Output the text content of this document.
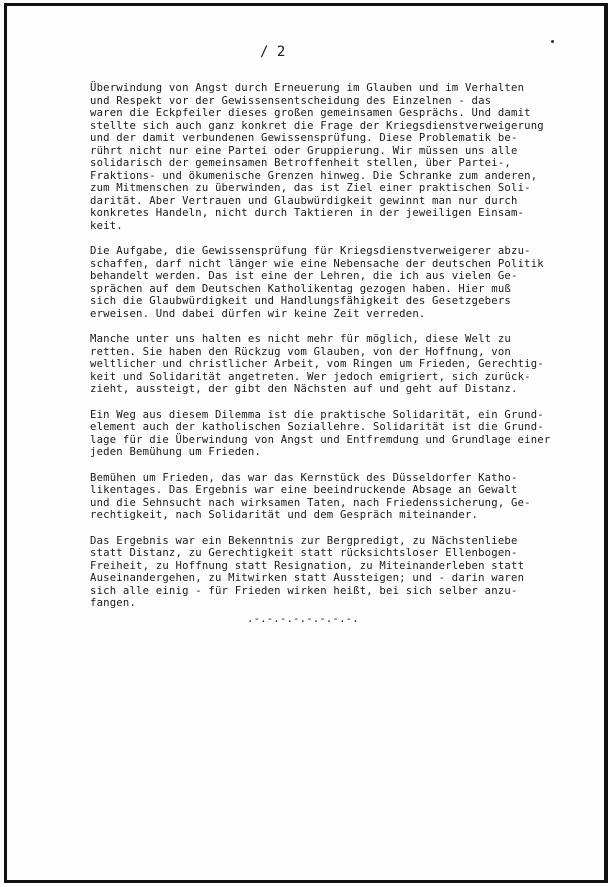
/ 2

Überwindung von Angst durch Erneuerung im Glauben und im Verhalten
und Respekt vor der Gewissensentscheidung des Einzelnen - das
waren die Eckpfeiler dieses großen gemeinsamen Gesprächs. Und damit
stellte sich auch ganz konkret die Frage der Kriegsdienstverweigerung
und der damit verbundenen Gewissensprüfung. Diese Problematik be-
rührt nicht nur eine Partei oder Gruppierung. Wir müssen uns alle
solidarisch der gemeinsamen Betroffenheit stellen, über Partei-,
Fraktions- und ökumenische Grenzen hinweg. Die Schranke zum anderen,
zum Mitmenschen zu überwinden, das ist Ziel einer praktischen Soli-
darität. Aber Vertrauen und Glaubwürdigkeit gewinnt man nur durch
konkretes Handeln, nicht durch Taktieren in der jeweiligen Einsam-
keit.

Die Aufgabe, die Gewissensprüfung für Kriegsdienstverweigerer abzu-
schaffen, darf nicht länger wie eine Nebensache der deutschen Politik
behandelt werden. Das ist eine der Lehren, die ich aus vielen Ge-
sprächen auf dem Deutschen Katholikentag gezogen haben. Hier muß
sich die Glaubwürdigkeit und Handlungsfähigkeit des Gesetzgebers
erweisen. Und dabei dürfen wir keine Zeit verreden.

Manche unter uns halten es nicht mehr für möglich, diese Welt zu
retten. Sie haben den Rückzug vom Glauben, von der Hoffnung, von
weltlicher und christlicher Arbeit, vom Ringen um Frieden, Gerechtig-
keit und Solidarität angetreten. Wer jedoch emigriert, sich zurück-
zieht, aussteigt, der gibt den Nächsten auf und geht auf Distanz.

Ein Weg aus diesem Dilemma ist die praktische Solidarität, ein Grund-
element auch der katholischen Soziallehre. Solidarität ist die Grund-
lage für die Überwindung von Angst und Entfremdung und Grundlage einer
jeden Bemühung um Frieden.

Bemühen um Frieden, das war das Kernstück des Düsseldorfer Katho-
likentages. Das Ergebnis war eine beeindruckende Absage an Gewalt
und die Sehnsucht nach wirksamen Taten, nach Friedenssicherung, Ge-
rechtigkeit, nach Solidarität und dem Gespräch miteinander.

Das Ergebnis war ein Bekenntnis zur Bergpredigt, zu Nächstenliebe
statt Distanz, zu Gerechtigkeit statt rücksichtsloser Ellenbogen-
Freiheit, zu Hoffnung statt Resignation, zu Miteinanderleben statt
Auseinandergehen, zu Mitwirken statt Aussteigen; und - darin waren
sich alle einig - für Frieden wirken heißt, bei sich selber anzu-
fangen.

.-.-.-.-.-.-.-.-.
